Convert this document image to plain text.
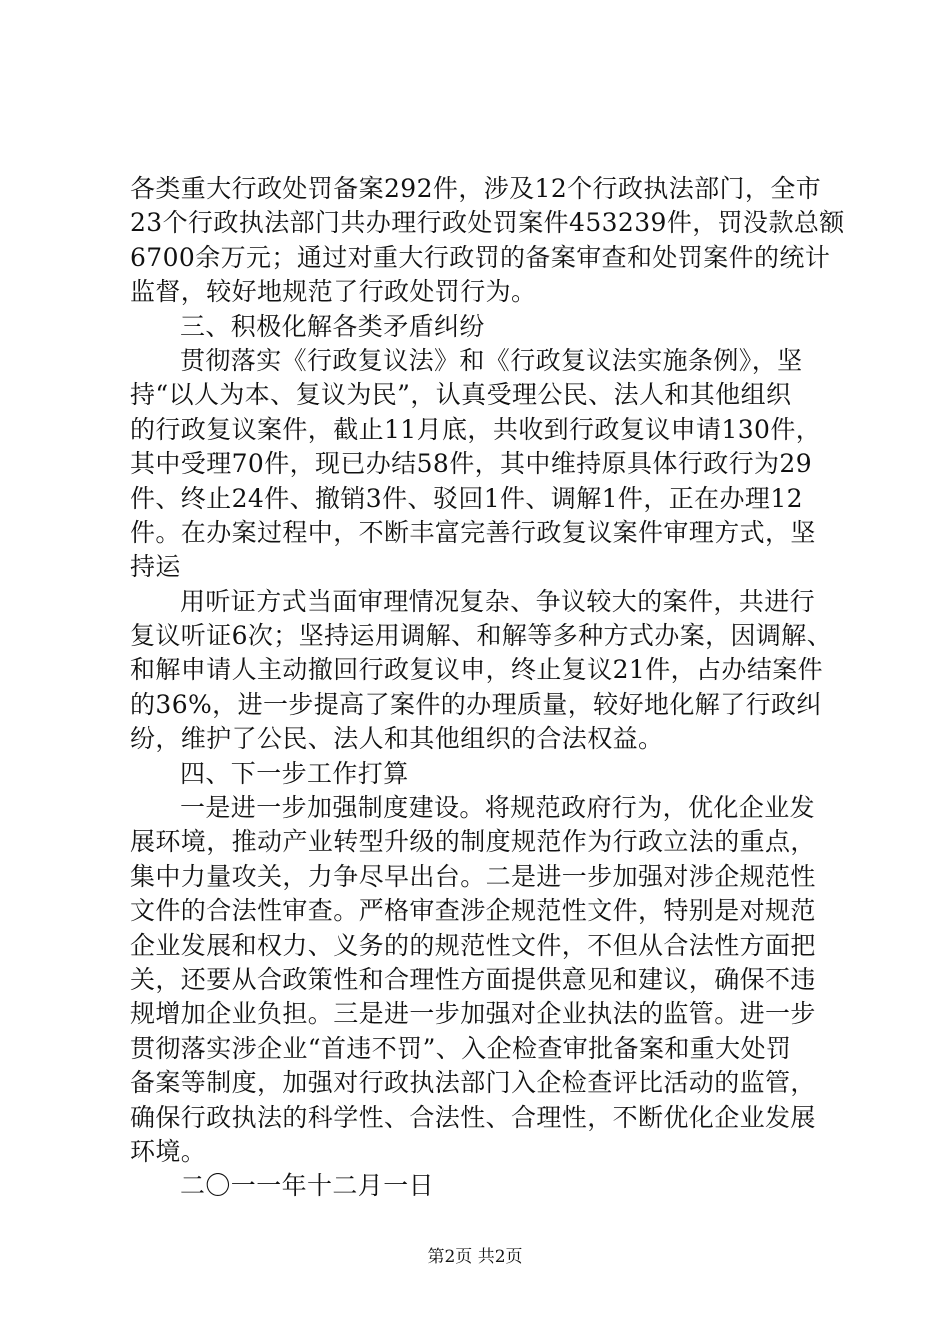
各类重大行政处罚备案292件，涉及12个行政执法部门，全市
23个行政执法部门共办理行政处罚案件453239件，罚没款总额
6700余万元；通过对重大行政罚的备案审查和处罚案件的统计
监督，较好地规范了行政处罚行为。
三、积极化解各类矛盾纠纷
贯彻落实《行政复议法》和《行政复议法实施条例》，坚
持“以人为本、复议为民”，认真受理公民、法人和其他组织
的行政复议案件，截止11月底，共收到行政复议申请130件，
其中受理70件，现已办结58件，其中维持原具体行政行为29
件、终止24件、撤销3件、驳回1件、调解1件，正在办理12
件。在办案过程中，不断丰富完善行政复议案件审理方式，坚
持运
用听证方式当面审理情况复杂、争议较大的案件，共进行
复议听证6次；坚持运用调解、和解等多种方式办案，因调解、
和解申请人主动撤回行政复议申，终止复议21件，占办结案件
的36%，进一步提高了案件的办理质量，较好地化解了行政纠
纷，维护了公民、法人和其他组织的合法权益。
四、下一步工作打算
一是进一步加强制度建设。将规范政府行为，优化企业发
展环境，推动产业转型升级的制度规范作为行政立法的重点，
集中力量攻关，力争尽早出台。二是进一步加强对涉企规范性
文件的合法性审查。严格审查涉企规范性文件，特别是对规范
企业发展和权力、义务的的规范性文件，不但从合法性方面把
关，还要从合政策性和合理性方面提供意见和建议，确保不违
规增加企业负担。三是进一步加强对企业执法的监管。进一步
贯彻落实涉企业“首违不罚”、入企检查审批备案和重大处罚
备案等制度，加强对行政执法部门入企检查评比活动的监管，
确保行政执法的科学性、合法性、合理性，不断优化企业发展
环境。
二〇一一年十二月一日
第2页 共2页
